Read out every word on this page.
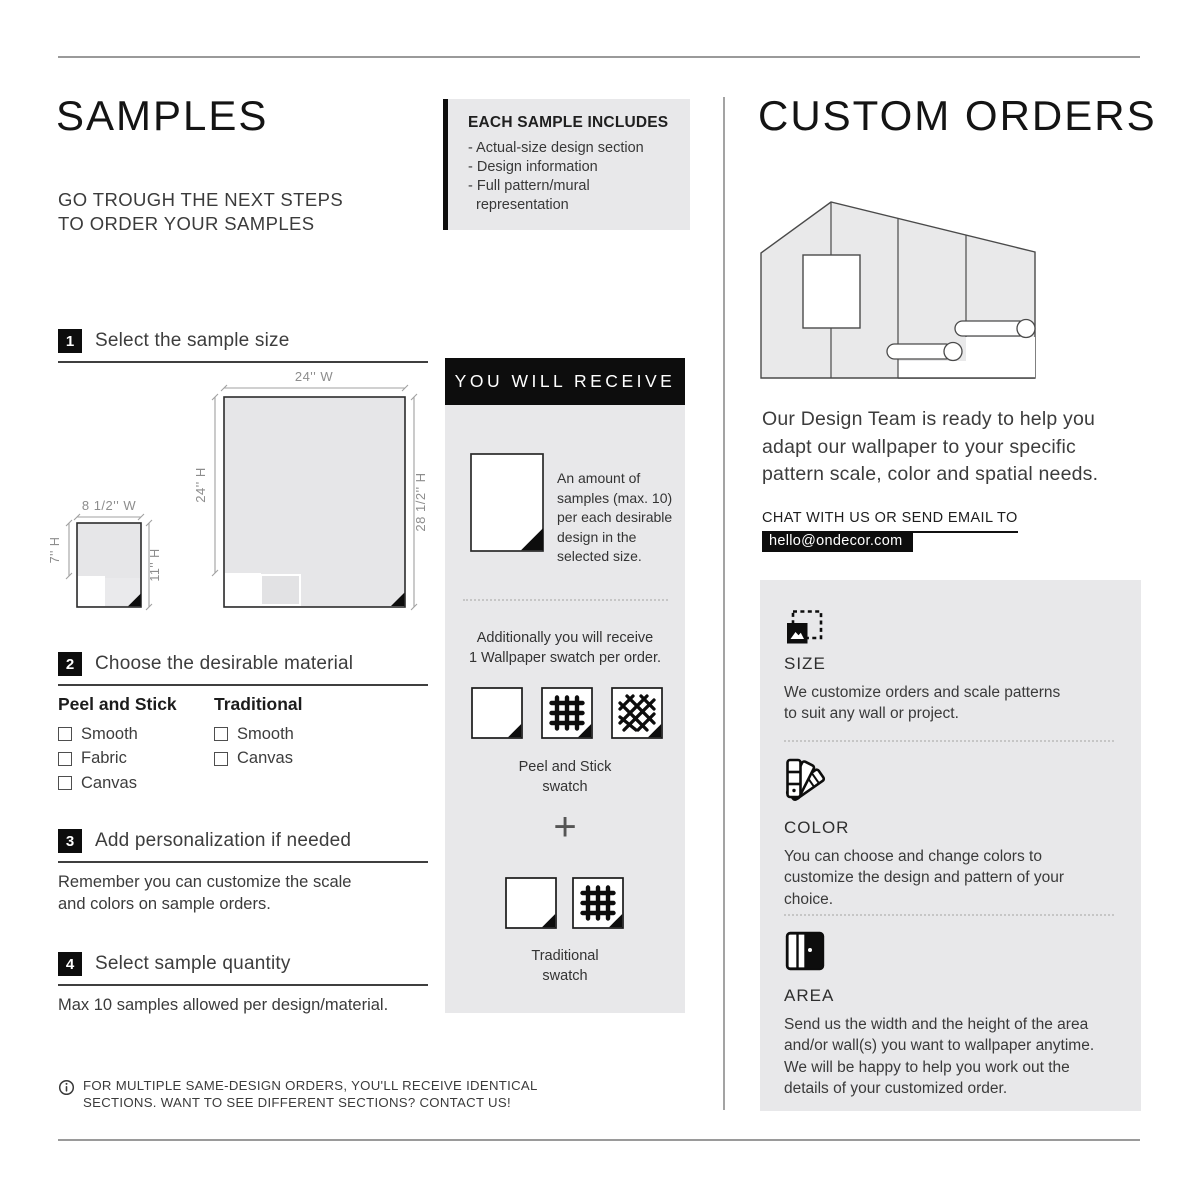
SAMPLES
GO TROUGH THE NEXT STEPS
TO ORDER YOUR SAMPLES
1	Select the sample size
24'' W
24'' H	28 1/2'' H
8 1/2'' W
7'' H	11'' H
2	Choose the desirable material
Peel and Stick
Smooth
Fabric
Canvas
Traditional
Smooth
Canvas
3	Add personalization if needed
Remember you can customize the scale
and colors on sample orders.
4	Select sample quantity
Max 10 samples allowed per design/material.
FOR MULTIPLE SAME-DESIGN ORDERS, YOU'LL RECEIVE IDENTICAL
SECTIONS. WANT TO SEE DIFFERENT SECTIONS? CONTACT US!
EACH SAMPLE INCLUDES
- Actual-size design section
- Design information
- Full pattern/mural
representation
YOU WILL RECEIVE
An amount of samples (max. 10) per each desirable design in the selected size.
Additionally you will receive
1 Wallpaper swatch per order.
Peel and Stick
swatch
+
Traditional
swatch
CUSTOM ORDERS
Our Design Team is ready to help you
adapt our wallpaper to your specific
pattern scale, color and spatial needs.
CHAT WITH US OR SEND EMAIL TO
hello@ondecor.com
SIZE
We customize orders and scale patterns
to suit any wall or project.
COLOR
You can choose and change colors to
customize the design and pattern of your
choice.
AREA
Send us the width and the height of the area
and/or wall(s) you want to wallpaper anytime.
We will be happy to help you work out the
details of your customized order.
